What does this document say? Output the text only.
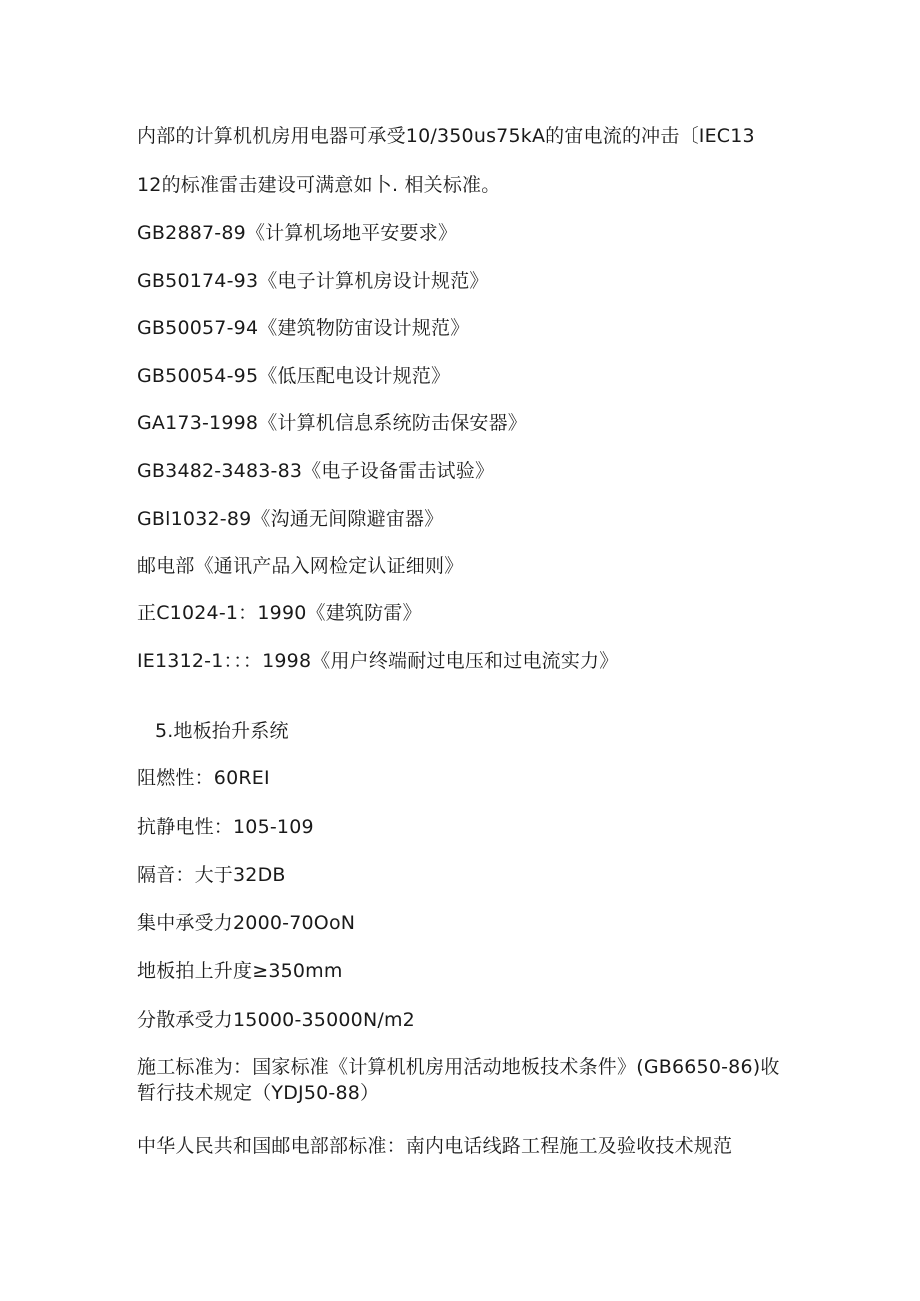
内部的计算机机房用电器可承受10/350us75kA的宙电流的冲击〔IEC13

12的标准雷击建设可满意如卜. 相关标准。

GB2887-89《计算机场地平安要求》

GB50174-93《电子计算机房设计规范》

GB50057-94《建筑物防宙设计规范》

GB50054-95《低压配电设计规范》

GA173-1998《计算机信息系统防击保安器》

GB3482-3483-83《电子设备雷击试验》

GBl1032-89《沟通无间隙避宙器》

邮电部《通讯产品入网检定认证细则》

正C1024-1：1990《建筑防雷》

IE1312-1：：：1998《用户终端耐过电压和过电流实力》

5.地板抬升系统

阻燃性：60REI

抗静电性：105-109

隔音：大于32DB

集中承受力2000-70OoN

地板拍上升度≥350mm

分散承受力15000-35000N/m2

施工标准为：国家标准《计算机机房用活动地板技术条件》(GB6650-86)收暂行技术规定（YDJ50-88）

中华人民共和国邮电部部标准：南内电话线路工程施工及验收技术规范
